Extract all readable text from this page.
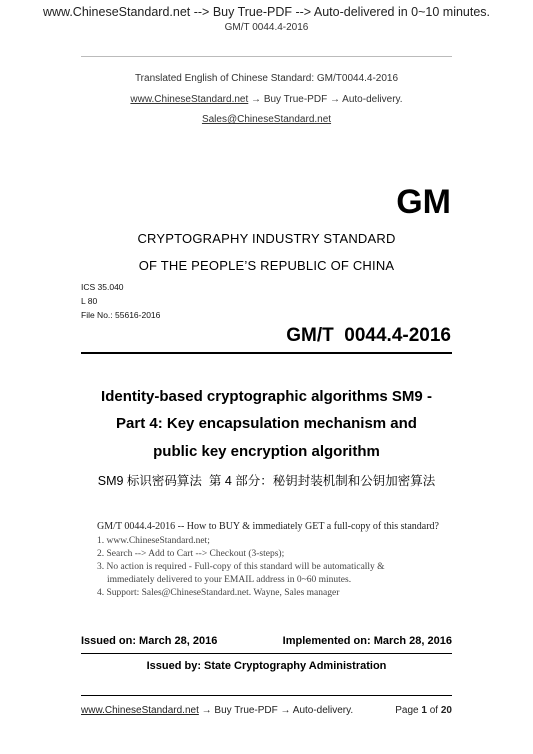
www.ChineseStandard.net --> Buy True-PDF --> Auto-delivered in 0~10 minutes.
GM/T 0044.4-2016
Translated English of Chinese Standard: GM/T0044.4-2016
www.ChineseStandard.net → Buy True-PDF → Auto-delivery.
Sales@ChineseStandard.net
GM
CRYPTOGRAPHY INDUSTRY STANDARD
OF THE PEOPLE’S REPUBLIC OF CHINA
ICS 35.040
L 80
File No.: 55616-2016
GM/T  0044.4-2016
Identity-based cryptographic algorithms SM9 -
Part 4: Key encapsulation mechanism and
public key encryption algorithm
SM9 标识密码算法  第 4 部分：秘钥封装机制和公钥加密算法
GM/T 0044.4-2016 -- How to BUY & immediately GET a full-copy of this standard?
1. www.ChineseStandard.net;
2. Search --> Add to Cart --> Checkout (3-steps);
3. No action is required - Full-copy of this standard will be automatically &
immediately delivered to your EMAIL address in 0~60 minutes.
4. Support: Sales@ChineseStandard.net. Wayne, Sales manager
Issued on: March 28, 2016	Implemented on: March 28, 2016
Issued by: State Cryptography Administration
www.ChineseStandard.net → Buy True-PDF → Auto-delivery.	Page 1 of 20
